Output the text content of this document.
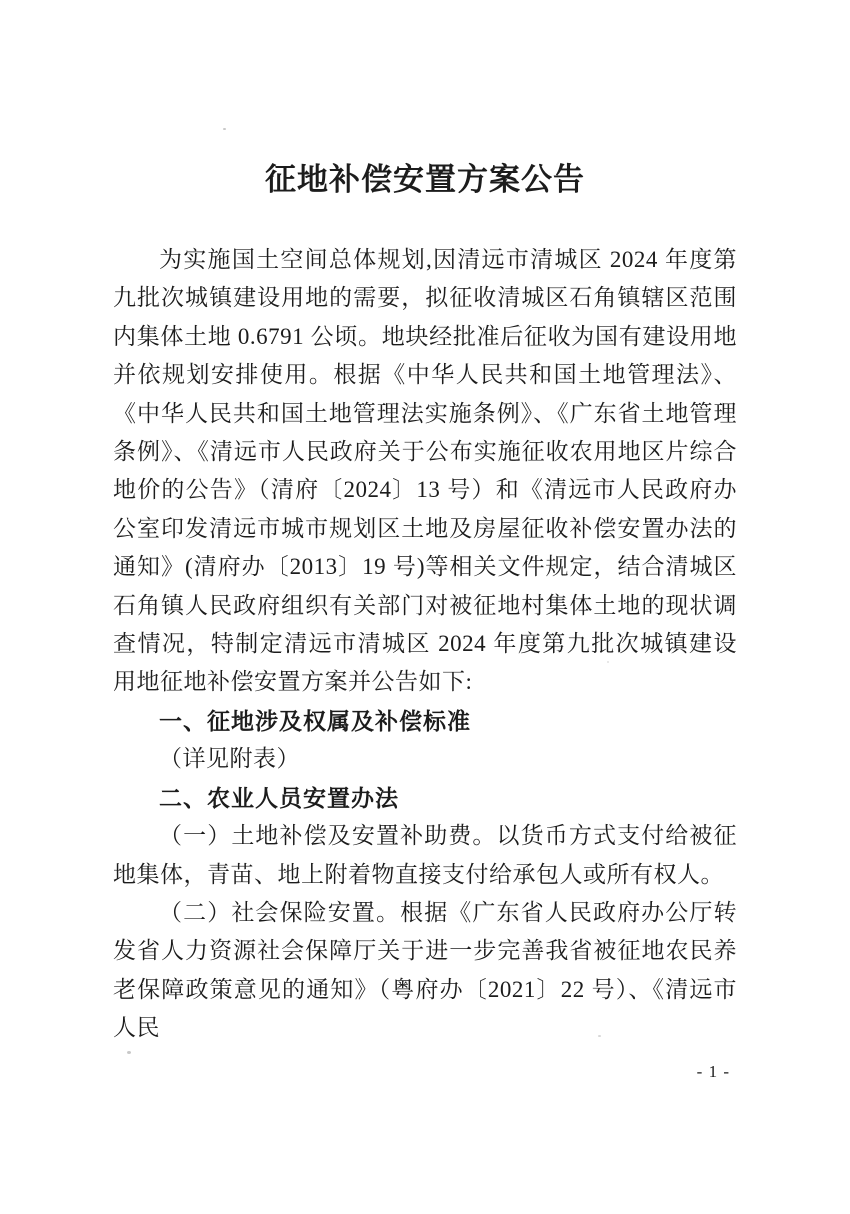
征地补偿安置方案公告

为实施国土空间总体规划,因清远市清城区 2024 年度第九批次城镇建设用地的需要，拟征收清城区石角镇辖区范围内集体土地 0.6791 公顷。地块经批准后征收为国有建设用地并依规划安排使用。根据《中华人民共和国土地管理法》、《中华人民共和国土地管理法实施条例》、《广东省土地管理条例》、《清远市人民政府关于公布实施征收农用地区片综合地价的公告》（清府〔2024〕13 号）和《清远市人民政府办公室印发清远市城市规划区土地及房屋征收补偿安置办法的通知》(清府办〔2013〕19 号)等相关文件规定，结合清城区石角镇人民政府组织有关部门对被征地村集体土地的现状调查情况，特制定清远市清城区 2024 年度第九批次城镇建设用地征地补偿安置方案并公告如下:

一、征地涉及权属及补偿标准

（详见附表）

二、农业人员安置办法

（一）土地补偿及安置补助费。以货币方式支付给被征地集体，青苗、地上附着物直接支付给承包人或所有权人。

（二）社会保险安置。根据《广东省人民政府办公厅转发省人力资源社会保障厅关于进一步完善我省被征地农民养老保障政策意见的通知》（粤府办〔2021〕22 号）、《清远市人民

- 1 -
